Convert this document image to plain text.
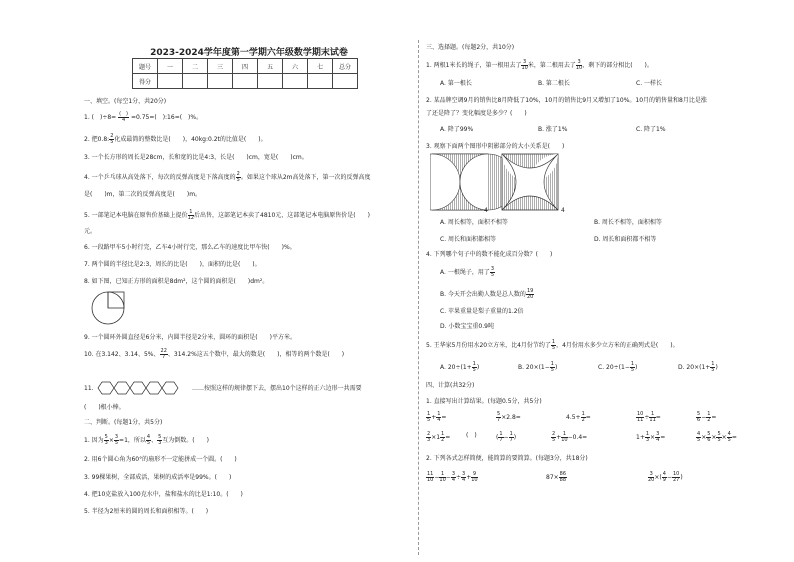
2023-2024学年度第一学期六年级数学期末试卷
题号	一	二	三	四	五	六	七	总分
得分								
一、填空。(每空1分，共20分)
1. (　)$\div 8= \frac{( )}{4} =0.75=$(　):16=(　)%。
2. 把0.8: $\frac{2}{5}$ 化成最简的整数比是(　　)，40kg:0.2t的比值是(　　)。
3. 一个长方形的周长是28cm，长和宽的比是4:3，长是(　　)cm，宽是(　　)cm。
4. 一个乒乓球从高处落下，每次的反弹高度是下落高度的 $\frac{2}{5}$ 。如果这个球从2m高处落下，第一次的反弹高度
是(　　)m，第二次的反弹高度是(　　)m。
5. 一部笔记本电脑在原售价基础上提价 $\frac{1}{12}$ 后出售，这部笔记本卖了4810元，这部笔记本电脑原售价是(　　)
元。
6. 一段路甲车5小时行完，乙车4小时行完，那么乙车的速度比甲车快(　　)%。
7. 两个圆的半径比是2:3，周长的比是(　　)，面积的比是(　　)。
8. 如下图，已知正方形的面积是8dm²，这个圆的面积是(　　)dm²。
9. 一个圆环外圆直径是6分米，内圆半径是2分米，圆环的面积是(　　)平方米。
10. 在3.142、3.14、5%、 $\frac{22}{7}$ 、314.2%这五个数中，最大的数是(　　)，相等的两个数是(　　)
11.	……按照这样的规律摆下去，摆出10个这样的正六边形一共需要
(　　)根小棒。
二、判断。(每题1分，共5分)
1. 因为 $\frac{5}{3} \times \frac{3}{5} =1$，所以 $\frac{4}{5}$ 、 $\frac{5}{3}$ 互为倒数。(　　)
2. 用6个圆心角为60°的扇形不一定能拼成一个圆。(　　)
3. 99棵果树，全部成活，果树的成活率是99%。(　　)
4. 把10克盐放入100克水中，盐和盐水的比是1:10。(　　)
5. 半径为2厘米的圆的周长和面积相等。(　　)
三、选择题。(每题2分，共10分)
1. 两根1米长的绳子，第一根用去了 $\frac{3}{10}$ 米，第二根用去了 $\frac{3}{10}$ ，剩下的部分相比(　　)。
A. 第一根长	B. 第二根长	C. 一样长
2. 某品牌空调9月的销售比8月降低了10%，10月的销售比9月又增加了10%。10月的销售量和8月比是涨
了还是降了？变化幅度是多少？(　　)
A. 降了99%	B. 涨了1%	C. 降了1%
3. 观察下面两个图形中阴影部分的大小关系是(　　)
4	4
A. 周长相等，面积不相等	B. 周长不相等，面积相等
C. 周长和面积都相等	D. 周长和面积都不相等
4. 下列哪个句子中的数不能化成百分数？(　　)
A. 一根绳子，用了 $\frac{3}{5}$
B. 今天开会出勤人数是总人数的 $\frac{19}{20}$
C. 苹果重量是梨子重量的1.2倍
D. 小数宝宝重0.9吨
5. 王华家5月份用水20立方米，比4月份节约了 $\frac{1}{5}$ ，4月份用水多少立方米的正确列式是(　　)。
A. $20\div(1+ \frac{1}{5}$ )	B. $20\times(1- \frac{1}{5}$ )	C. $20\div(1- \frac{1}{5}$ )	D. $20\times(1+ \frac{1}{5}$ )
四、计算(共32分)
1. 直接写出计算结果。(每题0.5分，共5分)
$\frac{1}{5} + \frac{1}{4}$ =	$\frac{5}{7} \times 2.8=$	$4.5+ \frac{1}{2}$ =	$\frac{10}{11} \div \frac{1}{11}$ =	$\frac{5}{6} - \frac{1}{2}$ =
$\frac{2}{3} \times 1 \frac{1}{2}$ =	(　)	( $\frac{1}{7} - \frac{1}{7}$ )	$\frac{2}{5} + \frac{1}{10} -0.4=$	$1+ \frac{1}{3} \times \frac{3}{4}$ =	$\frac{4}{5} \times \frac{5}{6} \times \frac{5}{5} \times \frac{4}{5}$ =
2. 下列各式怎样简便，能简算的要简算。(每题3分，共18分)
$\frac{11}{10} - \frac{1}{10} - \frac{3}{4} \div \frac{3}{4} + \frac{9}{10}$	$87\times \frac{86}{88}$	$\frac{3}{20}$ ×( $\frac{4}{9} - \frac{10}{27}$ )
